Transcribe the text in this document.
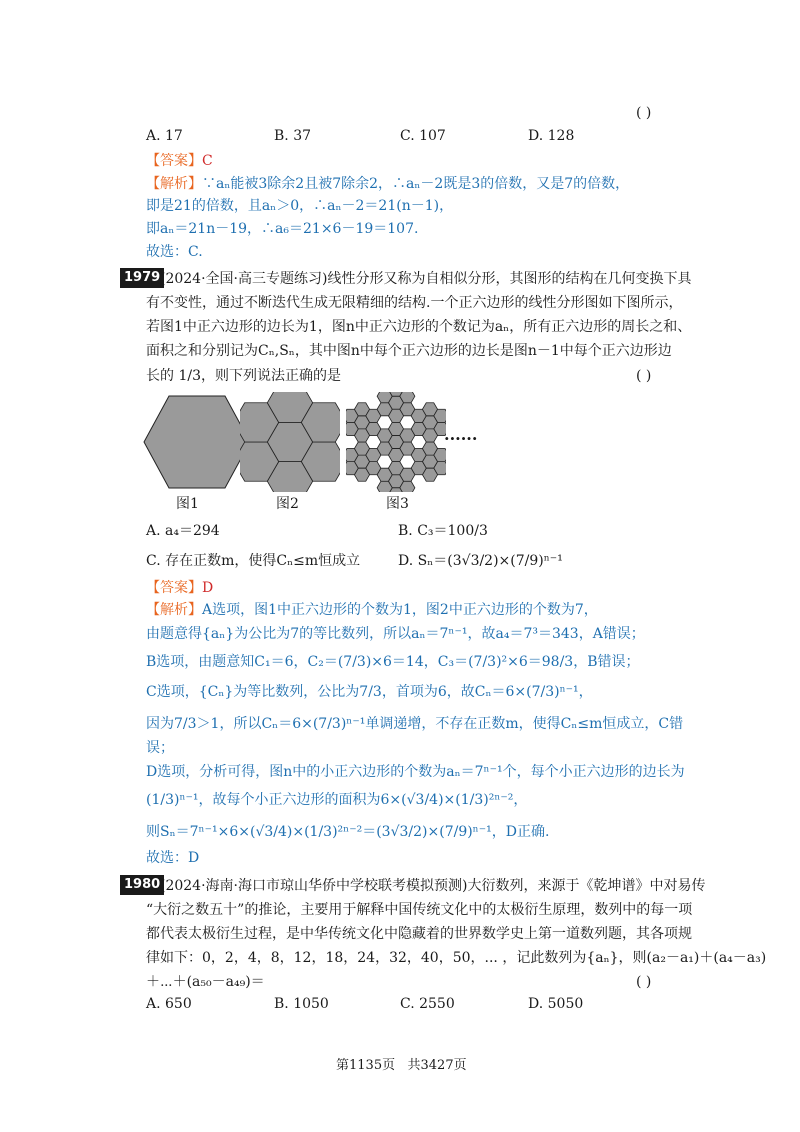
( )
A. 17	B. 37	C. 107	D. 128
【答案】C
【解析】∵aₙ能被3除余2且被7除余2，∴aₙ－2既是3的倍数，又是7的倍数，
即是21的倍数，且aₙ＞0，∴aₙ－2＝21(n－1)，
即aₙ＝21n－19，∴a₆＝21×6－19＝107.
故选：C.
1979 (2024·全国·高三专题练习)线性分形又称为自相似分形，其图形的结构在几何变换下具
有不变性，通过不断迭代生成无限精细的结构.一个正六边形的线性分形图如下图所示，
若图1中正六边形的边长为1，图n中正六边形的个数记为aₙ，所有正六边形的周长之和、
面积之和分别记为Cₙ,Sₙ，其中图n中每个正六边形的边长是图n－1中每个正六边形边
长的 1/3，则下列说法正确的是	( )
......
图1	图2	图3
A. a₄＝294	B. C₃＝100/3
C. 存在正数m，使得Cₙ≤m恒成立	D. Sₙ＝(3√3/2)×(7/9)ⁿ⁻¹
【答案】D
【解析】A选项，图1中正六边形的个数为1，图2中正六边形的个数为7，
由题意得{aₙ}为公比为7的等比数列，所以aₙ＝7ⁿ⁻¹，故a₄＝7³＝343，A错误；
B选项，由题意知C₁＝6，C₂＝(7/3)×6＝14，C₃＝(7/3)²×6＝98/3，B错误；
C选项，{Cₙ}为等比数列，公比为7/3，首项为6，故Cₙ＝6×(7/3)ⁿ⁻¹，
因为7/3＞1，所以Cₙ＝6×(7/3)ⁿ⁻¹单调递增，不存在正数m，使得Cₙ≤m恒成立，C错
误；
D选项，分析可得，图n中的小正六边形的个数为aₙ＝7ⁿ⁻¹个，每个小正六边形的边长为
(1/3)ⁿ⁻¹，故每个小正六边形的面积为6×(√3/4)×(1/3)²ⁿ⁻²，
则Sₙ＝7ⁿ⁻¹×6×(√3/4)×(1/3)²ⁿ⁻²＝(3√3/2)×(7/9)ⁿ⁻¹，D正确.
故选：D
1980 (2024·海南·海口市琼山华侨中学校联考模拟预测)大衍数列，来源于《乾坤谱》中对易传
“大衍之数五十”的推论，主要用于解释中国传统文化中的太极衍生原理，数列中的每一项
都代表太极衍生过程，是中华传统文化中隐藏着的世界数学史上第一道数列题，其各项规
律如下：0，2，4，8，12，18，24，32，40，50，... ，记此数列为{aₙ}，则(a₂－a₁)＋(a₄－a₃)
＋⋯＋(a₅₀－a₄₉)＝	( )
A. 650	B. 1050	C. 2550	D. 5050
第1135页 共3427页
